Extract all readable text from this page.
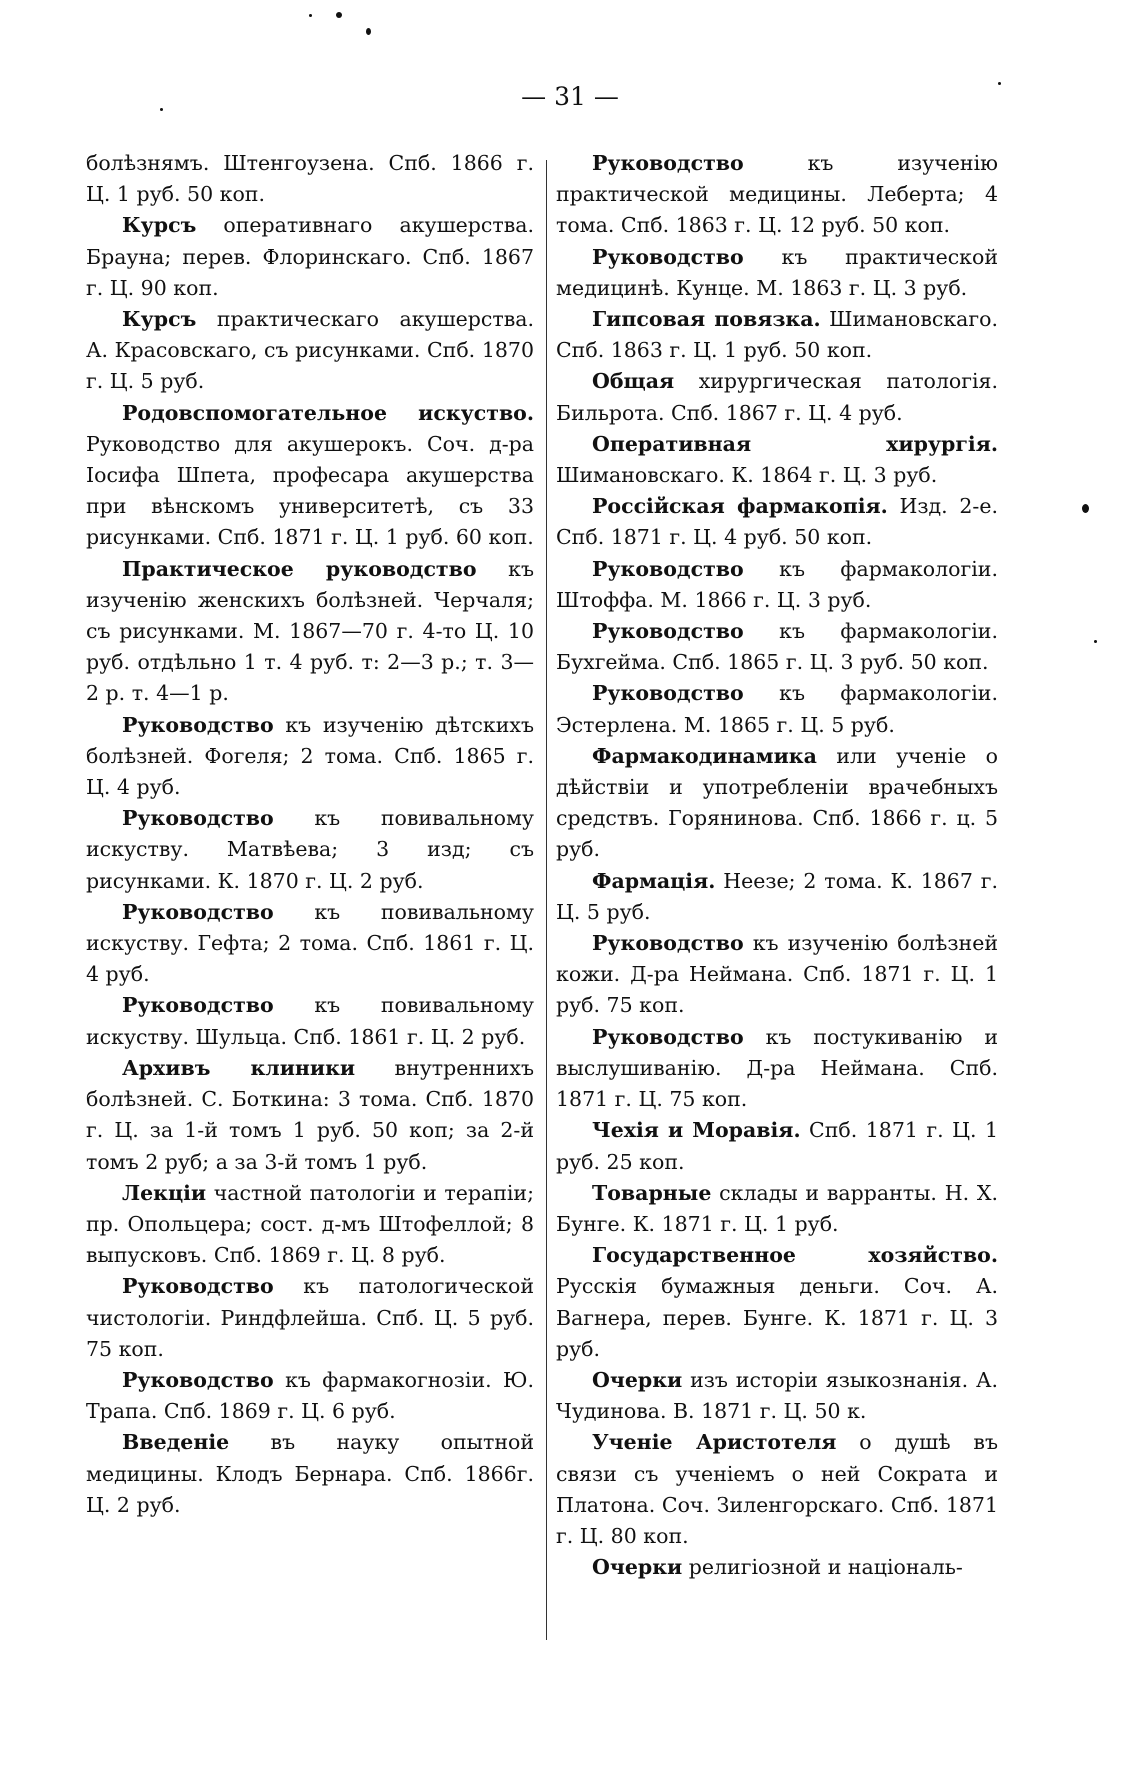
— 31 —

болѣзнямъ. Штенгоузена. Спб. 1866 г. Ц. 1 руб. 50 коп.

Курсъ оперативнаго акушерства. Брауна; перев. Флоринскаго. Спб. 1867 г. Ц. 90 коп.

Курсъ практическаго акушерства. А. Красовскаго, съ рисунками. Спб. 1870 г. Ц. 5 руб.

Родовспомогательное искуство. Руководство для акушерокъ. Соч. д-ра Іосифа Шпета, професара акушерства при вѣнскомъ университетѣ, съ 33 рисунками. Спб. 1871 г. Ц. 1 руб. 60 коп.

Практическое руководство къ изученію женскихъ болѣзней. Черчаля; съ рисунками. М. 1867—70 г. 4-то Ц. 10 руб. отдѣльно 1 т. 4 руб. т: 2—3 р.; т. 3—2 р. т. 4—1 р.

Руководство къ изученію дѣтскихъ болѣзней. Фогеля; 2 тома. Спб. 1865 г. Ц. 4 руб.

Руководство къ повивальному искуству. Матвѣева; 3 изд; съ рисунками. К. 1870 г. Ц. 2 руб.

Руководство къ повивальному искуству. Гефта; 2 тома. Спб. 1861 г. Ц. 4 руб.

Руководство къ повивальному искуству. Шульца. Спб. 1861 г. Ц. 2 руб.

Архивъ клиники внутреннихъ болѣзней. С. Боткина: 3 тома. Спб. 1870 г. Ц. за 1-й томъ 1 руб. 50 коп; за 2-й томъ 2 руб; а за 3-й томъ 1 руб.

Лекціи частной патологіи и терапіи; пр. Опольцера; сост. д-мъ Штофеллой; 8 выпусковъ. Спб. 1869 г. Ц. 8 руб.

Руководство къ патологической чистологіи. Риндфлейша. Спб. Ц. 5 руб. 75 коп.

Руководство къ фармакогнозіи. Ю. Трапа. Спб. 1869 г. Ц. 6 руб.

Введеніе въ науку опытной медицины. Клодъ Бернара. Спб. 1866г. Ц. 2 руб.

Руководство къ изученію практической медицины. Леберта; 4 тома. Спб. 1863 г. Ц. 12 руб. 50 коп.

Руководство къ практической медицинѣ. Кунце. М. 1863 г. Ц. 3 руб.

Гипсовая повязка. Шимановскаго. Спб. 1863 г. Ц. 1 руб. 50 коп.

Общая хирургическая патологія. Бильрота. Спб. 1867 г. Ц. 4 руб.

Оперативная хирургія. Шимановскаго. К. 1864 г. Ц. 3 руб.

Россійская фармакопія. Изд. 2-е. Спб. 1871 г. Ц. 4 руб. 50 коп.

Руководство къ фармакологіи. Штоффа. М. 1866 г. Ц. 3 руб.

Руководство къ фармакологіи. Бухгейма. Спб. 1865 г. Ц. 3 руб. 50 коп.

Руководство къ фармакологіи. Эстерлена. М. 1865 г. Ц. 5 руб.

Фармакодинамика или ученіе о дѣйствіи и употребленіи врачебныхъ средствъ. Горянинова. Спб. 1866 г. ц. 5 руб.

Фармація. Неезе; 2 тома. К. 1867 г. Ц. 5 руб.

Руководство къ изученію болѣзней кожи. Д-ра Неймана. Спб. 1871 г. Ц. 1 руб. 75 коп.

Руководство къ постукиванію и выслушиванію. Д-ра Неймана. Спб. 1871 г. Ц. 75 коп.

Чехія и Моравія. Спб. 1871 г. Ц. 1 руб. 25 коп.

Товарные склады и варранты. Н. Х. Бунге. К. 1871 г. Ц. 1 руб.

Государственное хозяйство. Русскія бумажныя деньги. Соч. А. Вагнера, перев. Бунге. К. 1871 г. Ц. 3 руб.

Очерки изъ исторіи языкознанія. А. Чудинова. В. 1871 г. Ц. 50 к.

Ученіе Аристотеля о душѣ въ связи съ ученіемъ о ней Сократа и Платона. Соч. Зиленгорскаго. Спб. 1871 г. Ц. 80 коп.

Очерки религіозной и національ-
